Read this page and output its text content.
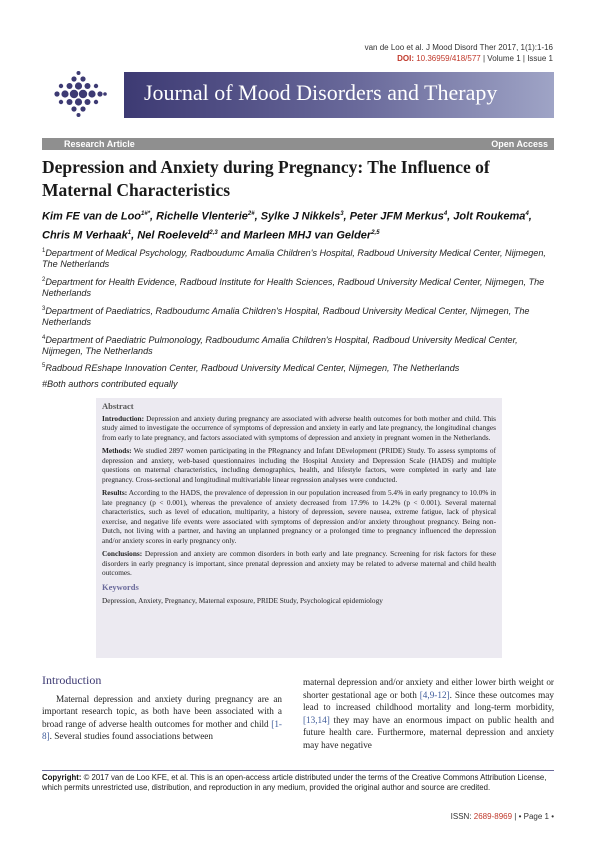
van de Loo et al. J Mood Disord Ther 2017, 1(1):1-16
DOI: 10.36959/418/577 | Volume 1 | Issue 1
Journal of Mood Disorders and Therapy
Research Article	Open Access
Depression and Anxiety during Pregnancy: The Influence of Maternal Characteristics
Kim FE van de Loo$^{1\#*}$, Richelle Vlenterie$^{2\#}$, Sylke J Nikkels$^3$, Peter JFM Merkus$^4$, Jolt Roukema$^4$, Chris M Verhaak$^1$, Nel Roeleveld$^{2,3}$ and Marleen MHJ van Gelder$^{2,5}$
$^1$Department of Medical Psychology, Radboudumc Amalia Children's Hospital, Radboud University Medical Center, Nijmegen, The Netherlands
$^2$Department for Health Evidence, Radboud Institute for Health Sciences, Radboud University Medical Center, Nijmegen, The Netherlands
$^3$Department of Paediatrics, Radboudumc Amalia Children's Hospital, Radboud University Medical Center, Nijmegen, The Netherlands
$^4$Department of Paediatric Pulmonology, Radboudumc Amalia Children's Hospital, Radboud University Medical Center, Nijmegen, The Netherlands
$^5$Radboud REshape Innovation Center, Radboud University Medical Center, Nijmegen, The Netherlands
#Both authors contributed equally
Abstract
Introduction: Depression and anxiety during pregnancy are associated with adverse health outcomes for both mother and child. This study aimed to investigate the occurrence of symptoms of depression and anxiety in early and late pregnancy, the longitudinal changes from early to late pregnancy, and factors associated with symptoms of depression and anxiety in pregnant women in the Netherlands.
Methods: We studied 2897 women participating in the PRegnancy and Infant DEvelopment (PRIDE) Study. To assess symptoms of depression and anxiety, web-based questionnaires including the Hospital Anxiety and Depression Scale (HADS) and multiple questions on maternal characteristics, including demographics, health, and lifestyle factors, were completed in early and late pregnancy. Cross-sectional and longitudinal multivariable linear regression analyses were conducted.
Results: According to the HADS, the prevalence of depression in our population increased from 5.4% in early pregnancy to 10.0% in late pregnancy (p < 0.001), whereas the prevalence of anxiety decreased from 17.9% to 14.2% (p < 0.001). Several maternal characteristics, such as level of education, multiparity, a history of depression, severe nausea, extreme fatigue, lack of physical exercise, and negative life events were associated with symptoms of depression and/or anxiety throughout pregnancy. Being non-Dutch, not living with a partner, and having an unplanned pregnancy or a prolonged time to pregnancy influenced the depression and/or anxiety scores in early pregnancy only.
Conclusions: Depression and anxiety are common disorders in both early and late pregnancy. Screening for risk factors for these disorders in early pregnancy is important, since prenatal depression and anxiety may be related to adverse maternal and child health outcomes.
Keywords
Depression, Anxiety, Pregnancy, Maternal exposure, PRIDE Study, Psychological epidemiology
Introduction
Maternal depression and anxiety during pregnancy are an important research topic, as both have been associated with a broad range of adverse health outcomes for mother and child [1-8]. Several studies found associations between
maternal depression and/or anxiety and either lower birth weight or shorter gestational age or both [4,9-12]. Since these outcomes may lead to increased childhood mortality and long-term morbidity, [13,14] they may have an enormous impact on public health and future health care. Furthermore, maternal depression and anxiety may have negative
Copyright: © 2017 van de Loo KFE, et al. This is an open-access article distributed under the terms of the Creative Commons Attribution License, which permits unrestricted use, distribution, and reproduction in any medium, provided the original author and source are credited.
ISSN: 2689-8969 | • Page 1 •
